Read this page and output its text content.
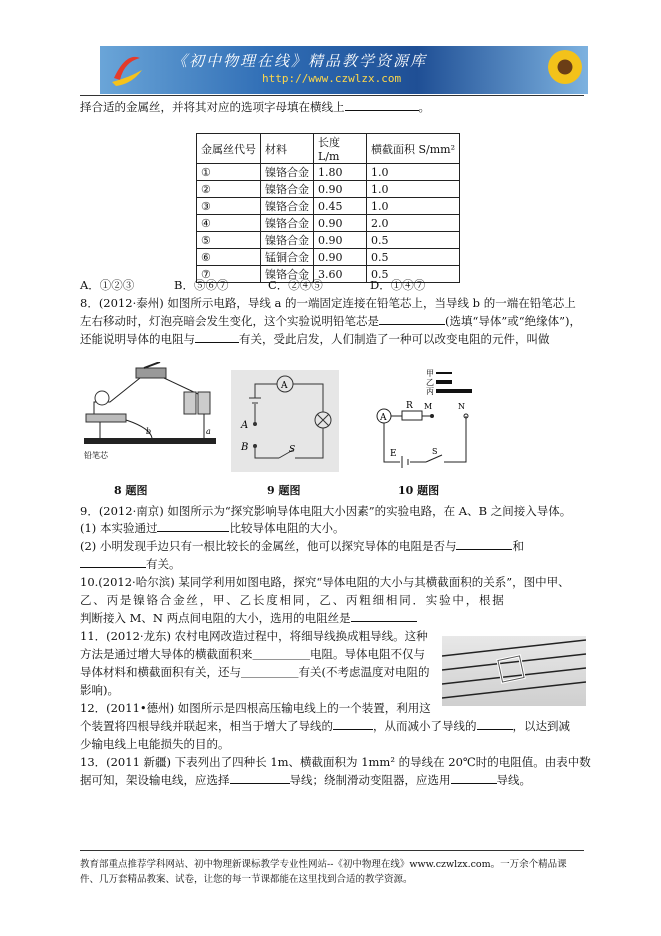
《初中物理在线》精品教学资源库
http://www.czwlzx.com
择合适的金属丝，并将其对应的选项字母填在横线上	。
金属丝代号	材料	长度 L/m	横截面积 S/mm²
①	镍铬合金	1.80	1.0
②	镍铬合金	0.90	1.0
③	镍铬合金	0.45	1.0
④	镍铬合金	0.90	2.0
⑤	镍铬合金	0.90	0.5
⑥	锰铜合金	0.90	0.5
⑦	镍铬合金	3.60	0.5
A．①②③	B．⑤⑥⑦	C．②④⑤	D．①④⑦
8．(2012·泰州) 如图所示电路，导线 a 的一端固定连接在铅笔芯上，当导线 b 的一端在铅笔芯上
左右移动时，灯泡亮暗会发生变化，这个实验说明铅笔芯是	(选填“导体”或“绝缘体”)，
还能说明导体的电阻与	有关，受此启发，人们制造了一种可以改变电阻的元件，叫做
铅笔芯
b	a
A
A
B	S
甲
乙
丙
A
R M	N
E	S
8 题图	9 题图	10 题图
9．(2012·南京) 如图所示为“探究影响导体电阻大小因素”的实验电路，在 A、B 之间接入导体。
(1) 本实验通过	比较导体电阻的大小。
(2) 小明发现手边只有一根比较长的金属丝，他可以探究导体的电阻是否与	和
有关。
10.(2012·哈尔滨) 某同学利用如图电路，探究“导体电阻的大小与其横截面积的关系”，图中甲、
乙、丙是镍铬合金丝，甲、乙长度相同，乙、丙粗细相同．实验中，根据
判断接入 M、N 两点间电阻的大小，选用的电阻丝是
11．(2012·龙东) 农村电网改造过程中，将细导线换成粗导线。这种
方法是通过增大导体的横截面积来＿＿＿＿＿电阻。导体电阻不仅与
导体材料和横截面积有关，还与＿＿＿＿＿有关(不考虑温度对电阻的
影响)。
12．(2011•德州) 如图所示是四根高压输电线上的一个装置，利用这
个装置将四根导线并联起来，相当于增大了导线的	，从而减小了导线的	，以达到减
少输电线上电能损失的目的。
13．(2011 新疆) 下表列出了四种长 1m、横截面积为 1mm² 的导线在 20℃时的电阻值。由表中数
据可知，架设输电线，应选择	导线；绕制滑动变阻器，应选用	导线。
教育部重点推荐学科网站、初中物理新课标教学专业性网站--《初中物理在线》www.czwlzx.com。一万余个精品课
件、几万套精品教案、试卷，让您的每一节课都能在这里找到合适的教学资源。
